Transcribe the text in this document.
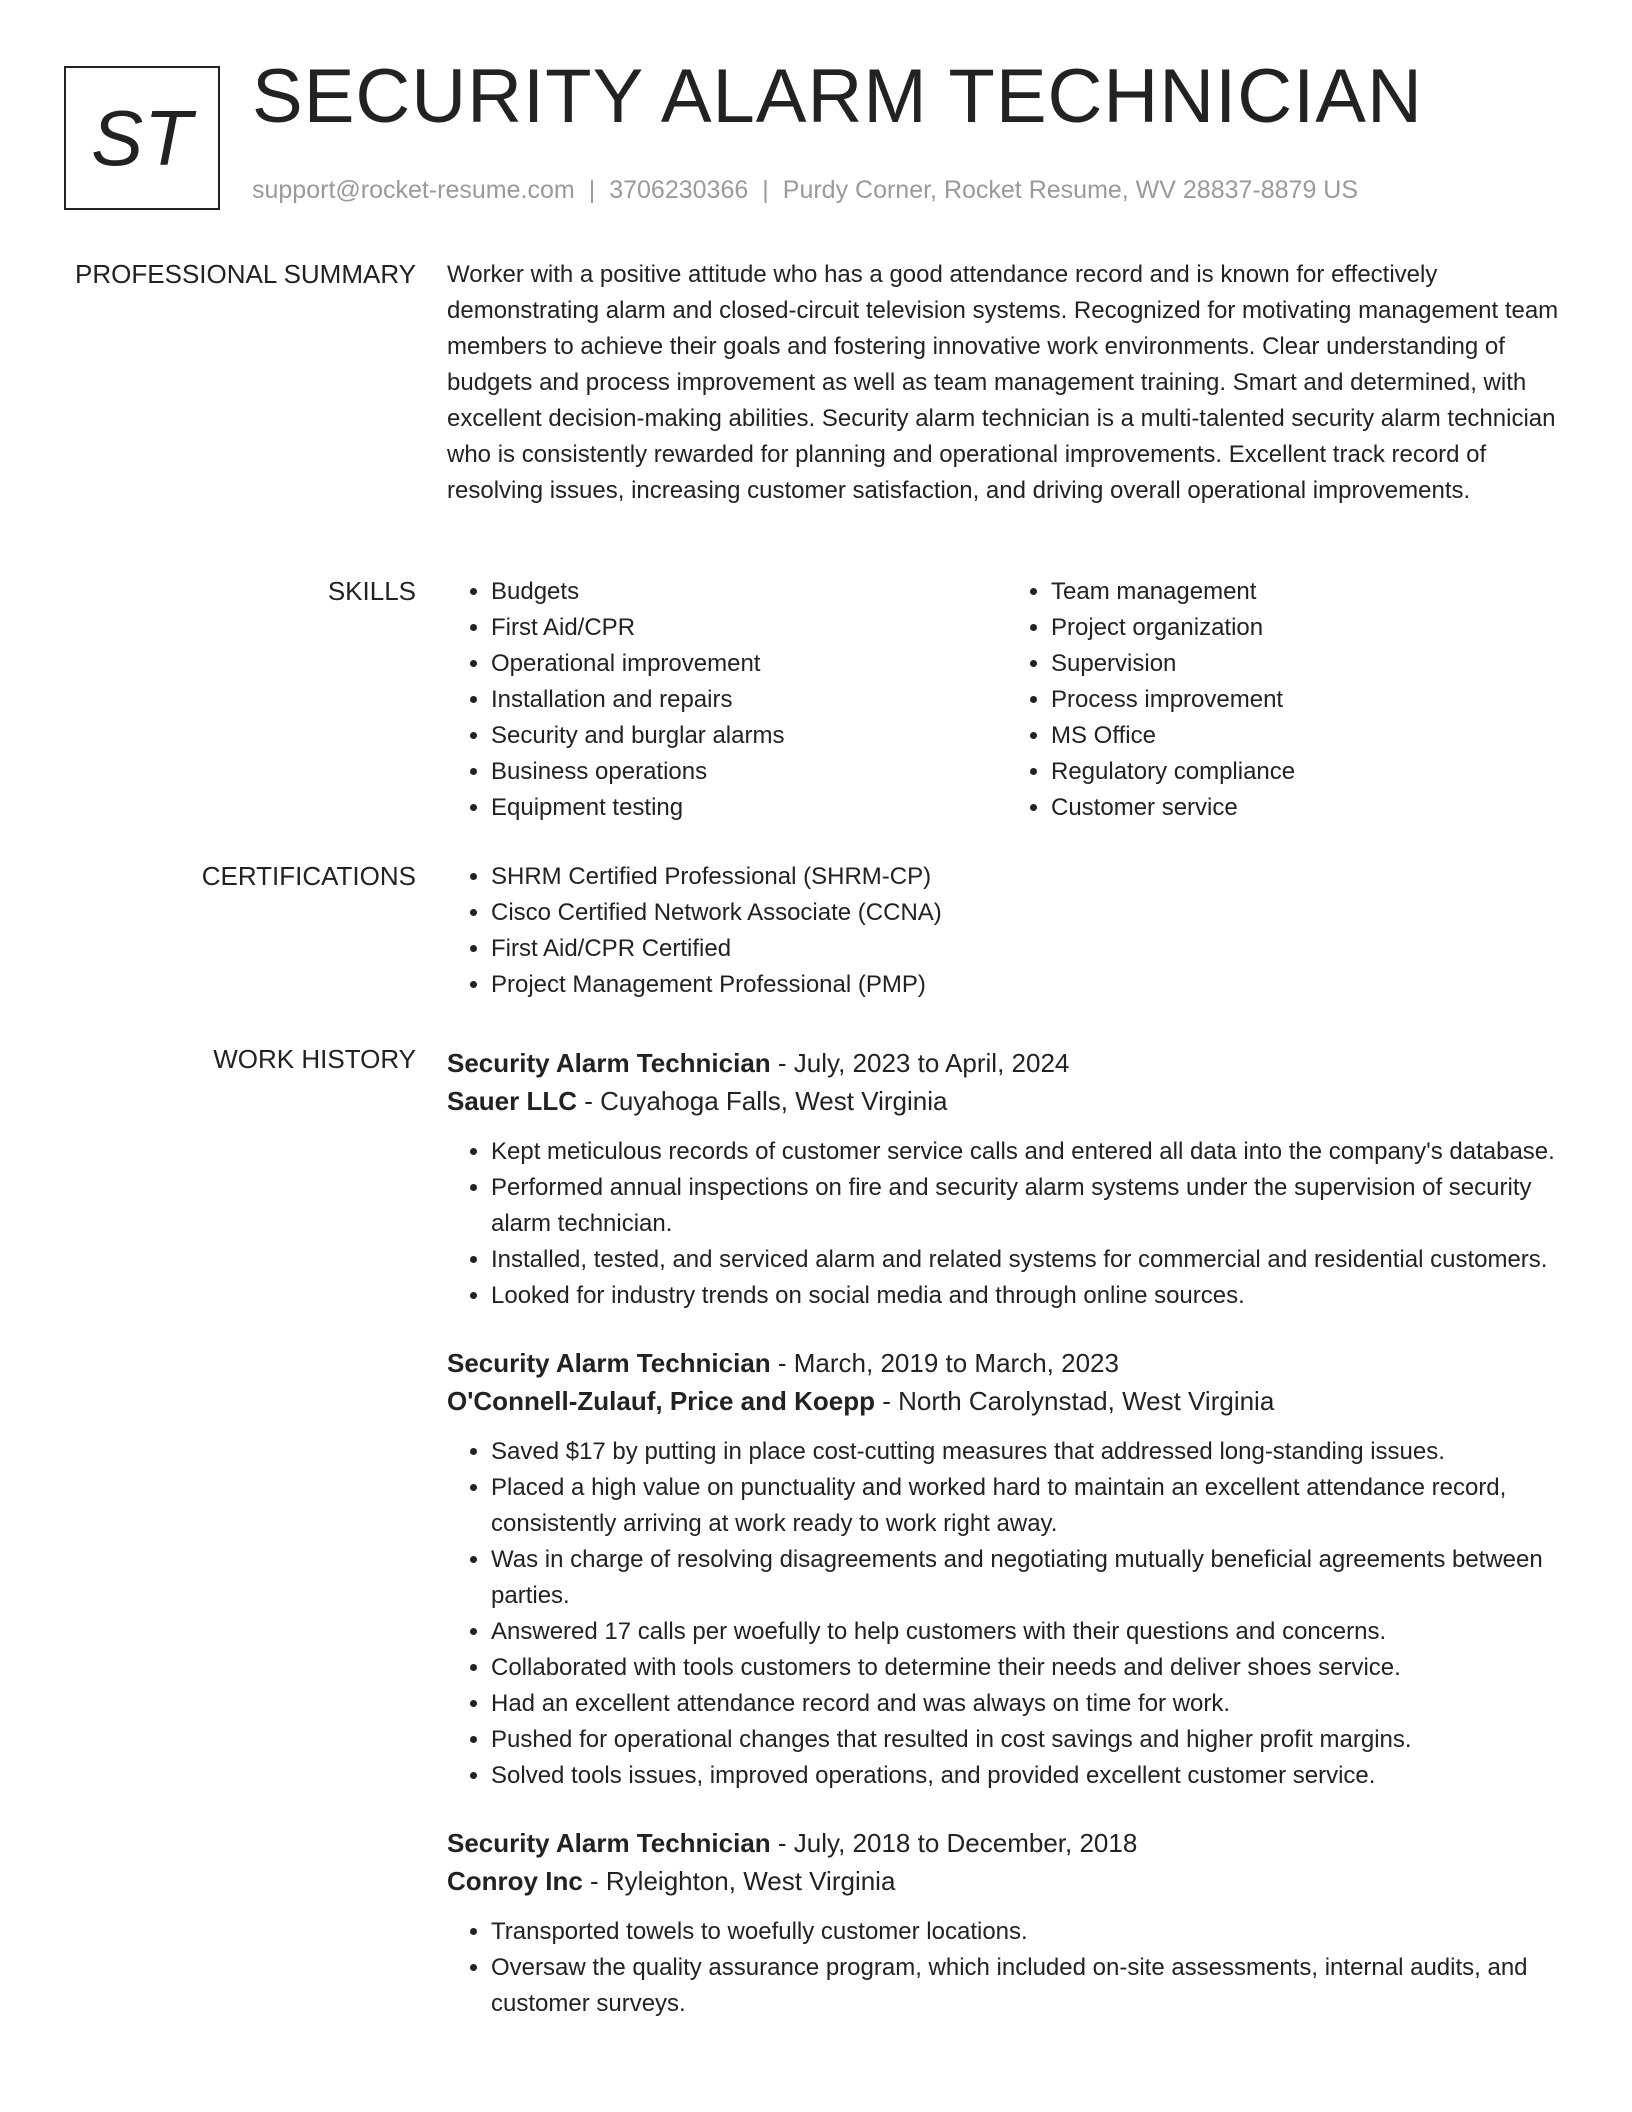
ST SECURITY ALARM TECHNICIAN
support@rocket-resume.com | 3706230366 | Purdy Corner, Rocket Resume, WV 28837-8879 US
PROFESSIONAL SUMMARY Worker with a positive attitude who has a good attendance record and is known for effectively demonstrating alarm and closed-circuit television systems. Recognized for motivating management team members to achieve their goals and fostering innovative work environments. Clear understanding of budgets and process improvement as well as team management training. Smart and determined, with excellent decision-making abilities. Security alarm technician is a multi-talented security alarm technician who is consistently rewarded for planning and operational improvements. Excellent track record of resolving issues, increasing customer satisfaction, and driving overall operational improvements.
SKILLS	• Budgets
• First Aid/CPR
• Operational improvement
• Installation and repairs
• Security and burglar alarms
• Business operations
• Equipment testing
• Team management
• Project organization
• Supervision
• Process improvement
• MS Office
• Regulatory compliance
• Customer service
CERTIFICATIONS	• SHRM Certified Professional (SHRM-CP)
• Cisco Certified Network Associate (CCNA)
• First Aid/CPR Certified
• Project Management Professional (PMP)
WORK HISTORY Security Alarm Technician - July, 2023 to April, 2024
Sauer LLC - Cuyahoga Falls, West Virginia
• Kept meticulous records of customer service calls and entered all data into the company's database.
• Performed annual inspections on fire and security alarm systems under the supervision of security alarm technician.
• Installed, tested, and serviced alarm and related systems for commercial and residential customers.
• Looked for industry trends on social media and through online sources.
Security Alarm Technician - March, 2019 to March, 2023
O'Connell-Zulauf, Price and Koepp - North Carolynstad, West Virginia
• Saved $17 by putting in place cost-cutting measures that addressed long-standing issues.
• Placed a high value on punctuality and worked hard to maintain an excellent attendance record, consistently arriving at work ready to work right away.
• Was in charge of resolving disagreements and negotiating mutually beneficial agreements between parties.
• Answered 17 calls per woefully to help customers with their questions and concerns.
• Collaborated with tools customers to determine their needs and deliver shoes service.
• Had an excellent attendance record and was always on time for work.
• Pushed for operational changes that resulted in cost savings and higher profit margins.
• Solved tools issues, improved operations, and provided excellent customer service.
Security Alarm Technician - July, 2018 to December, 2018
Conroy Inc - Ryleighton, West Virginia
• Transported towels to woefully customer locations.
• Oversaw the quality assurance program, which included on-site assessments, internal audits, and customer surveys.
